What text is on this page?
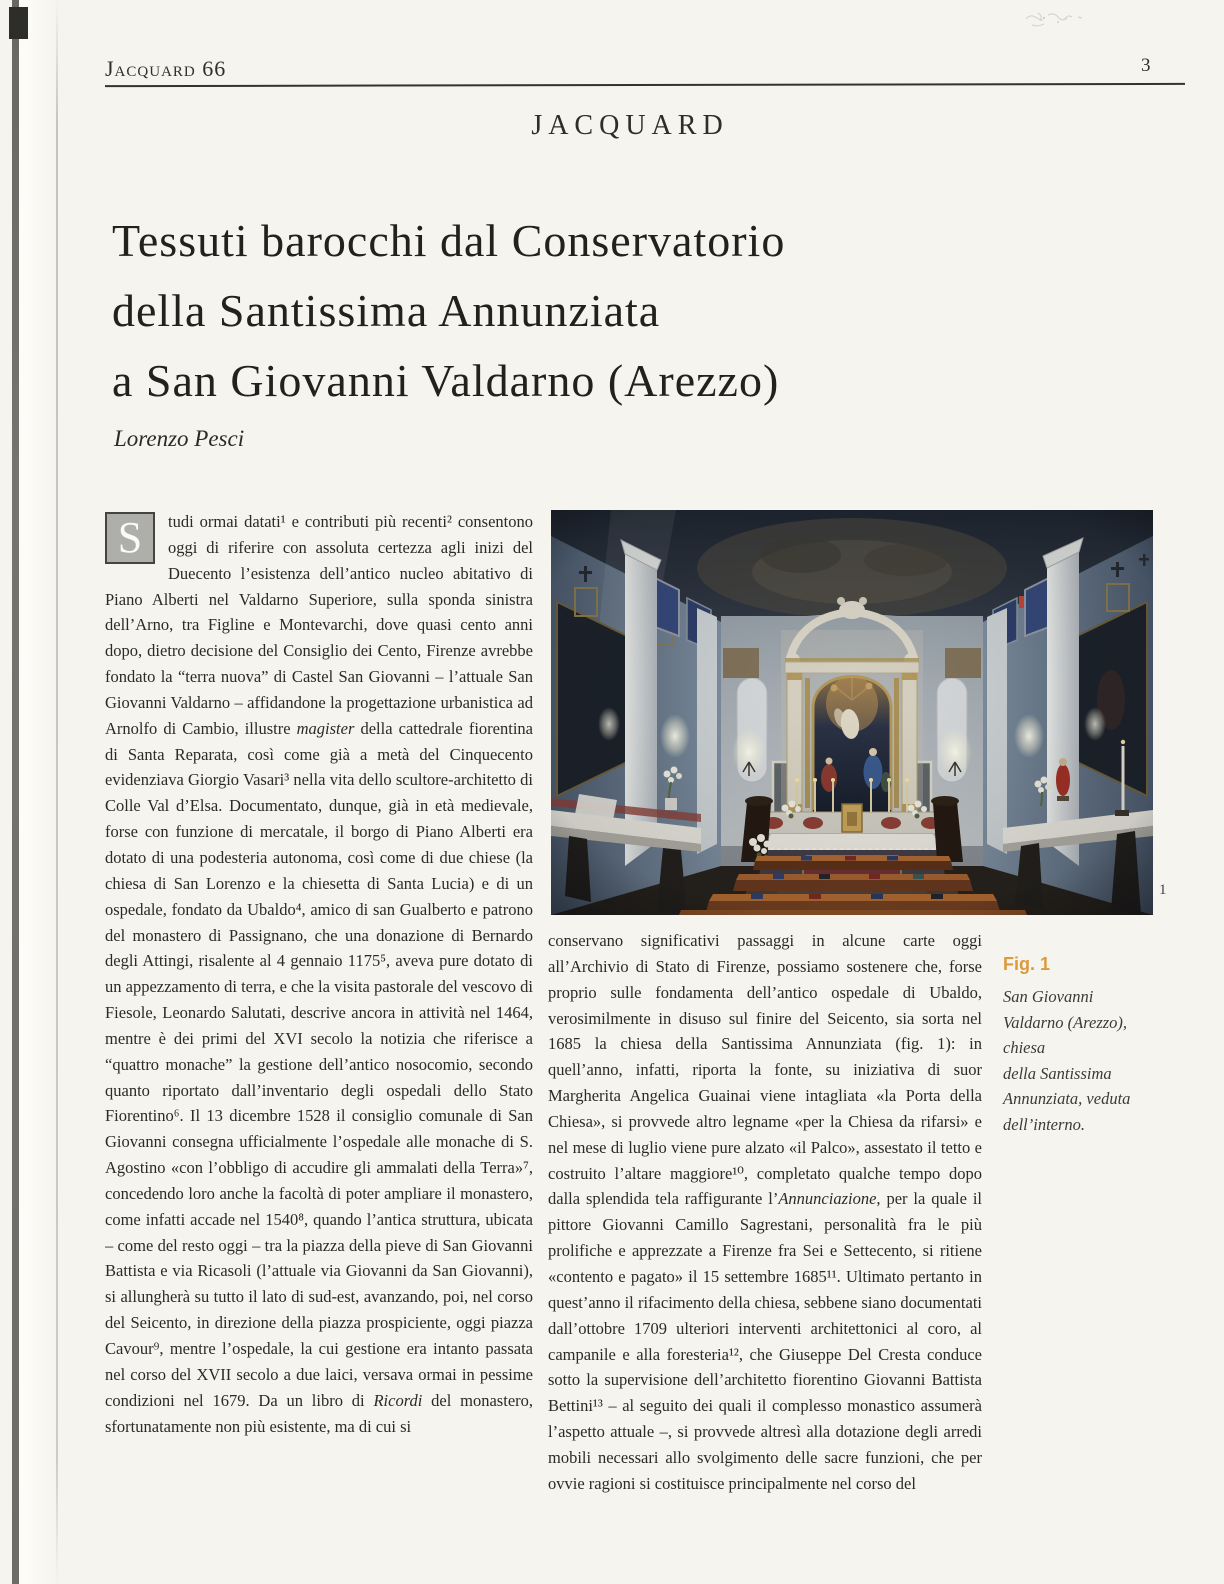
Jacquard 66	3
JACQUARD
Tessuti barocchi dal Conservatorio
della Santissima Annunziata
a San Giovanni Valdarno (Arezzo)
Lorenzo Pesci
S	tudi ormai datati¹ e contributi più recenti² consentono oggi di riferire con assoluta certezza agli inizi del Duecento l’esistenza dell’antico nucleo abitativo di Piano Alberti nel Valdarno Superiore, sulla sponda sinistra dell’Arno, tra Figline e Montevarchi, dove quasi cento anni dopo, dietro decisione del Consiglio dei Cento, Firenze avrebbe fondato la “terra nuova” di Castel San Giovanni – l’attuale San Giovanni Valdarno – affidandone la progettazione urbanistica ad Arnolfo di Cambio, illustre magister della cattedrale fiorentina di Santa Reparata, così come già a metà del Cinquecento evidenziava Giorgio Vasari³ nella vita dello scultore-architetto di Colle Val d’Elsa. Documentato, dunque, già in età medievale, forse con funzione di mercatale, il borgo di Piano Alberti era dotato di una podesteria autonoma, così come di due chiese (la chiesa di San Lorenzo e la chiesetta di Santa Lucia) e di un ospedale, fondato da Ubaldo⁴, amico di san Gualberto e patrono del monastero di Passignano, che una donazione di Bernardo degli Attingi, risalente al 4 gennaio 1175⁵, aveva pure dotato di un appezzamento di terra, e che la visita pastorale del vescovo di Fiesole, Leonardo Salutati, descrive ancora in attività nel 1464, mentre è dei primi del XVI secolo la notizia che riferisce a “quattro monache” la gestione dell’antico nosocomio, secondo quanto riportato dall’inventario degli ospedali dello Stato Fiorentino⁶. Il 13 dicembre 1528 il consiglio comunale di San Giovanni consegna ufficialmente l’ospedale alle monache di S. Agostino «con l’obbligo di accudire gli ammalati della Terra»⁷, concedendo loro anche la facoltà di poter ampliare il monastero, come infatti accade nel 1540⁸, quando l’antica struttura, ubicata – come del resto oggi – tra la piazza della pieve di San Giovanni Battista e via Ricasoli (l’attuale via Giovanni da San Giovanni), si allungherà su tutto il lato di sud-est, avanzando, poi, nel corso del Seicento, in direzione della piazza prospiciente, oggi piazza Cavour⁹, mentre l’ospedale, la cui gestione era intanto passata nel corso del XVII secolo a due laici, versava ormai in pessime condizioni nel 1679. Da un libro di Ricordi del monastero, sfortunatamente non più esistente, ma di cui si
1
conservano significativi passaggi in alcune carte oggi all’Archivio di Stato di Firenze, possiamo sostenere che, forse proprio sulle fondamenta dell’antico ospedale di Ubaldo, verosimilmente in disuso sul finire del Seicento, sia sorta nel 1685 la chiesa della Santissima Annunziata (fig. 1): in quell’anno, infatti, riporta la fonte, su iniziativa di suor Margherita Angelica Guainai viene intagliata «la Porta della Chiesa», si provvede altro legname «per la Chiesa da rifarsi» e nel mese di luglio viene pure alzato «il Palco», assestato il tetto e costruito l’altare maggiore¹⁰, completato qualche tempo dopo dalla splendida tela raffigurante l’Annunciazione, per la quale il pittore Giovanni Camillo Sagrestani, personalità fra le più prolifiche e apprezzate a Firenze fra Sei e Settecento, si ritiene «contento e pagato» il 15 settembre 1685¹¹. Ultimato pertanto in quest’anno il rifacimento della chiesa, sebbene siano documentati dall’ottobre 1709 ulteriori interventi architettonici al coro, al campanile e alla foresteria¹², che Giuseppe Del Cresta conduce sotto la supervisione dell’architetto fiorentino Giovanni Battista Bettini¹³ – al seguito dei quali il complesso monastico assumerà l’aspetto attuale –, si provvede altresì alla dotazione degli arredi mobili necessari allo svolgimento delle sacre funzioni, che per ovvie ragioni si costituisce principalmente nel corso del
Fig. 1
San Giovanni
Valdarno (Arezzo),
chiesa
della Santissima
Annunziata, veduta
dell’interno.
